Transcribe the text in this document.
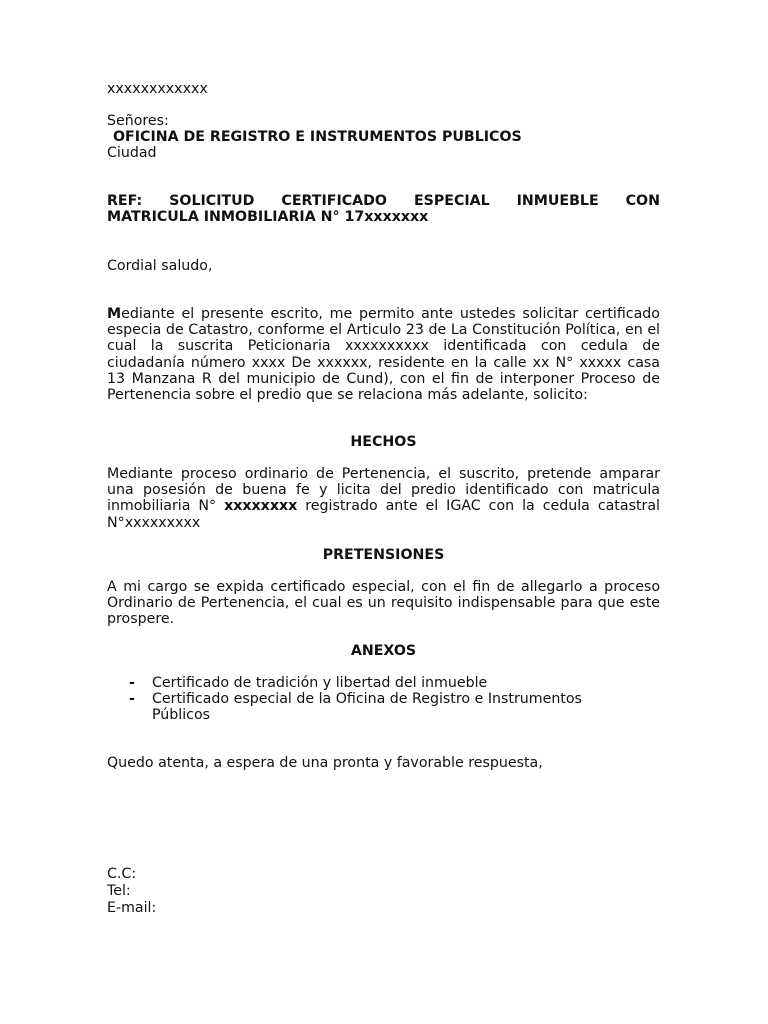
xxxxxxxxxxxx

Señores:

OFICINA DE REGISTRO E INSTRUMENTOS PUBLICOS

Ciudad

REF: SOLICITUD CERTIFICADO ESPECIAL INMUEBLE CON

MATRICULA INMOBILIARIA N° 17xxxxxxx

Cordial saludo,

Mediante el presente escrito, me permito ante ustedes solicitar certificado especia de Catastro, conforme el Articulo 23 de La Constitución Política, en el cual la suscrita Peticionaria xxxxxxxxxx identificada con cedula de ciudadanía número xxxx De xxxxxx, residente en la calle xx N° xxxxx casa 13 Manzana R del municipio de Cund), con el fin de interponer Proceso de Pertenencia sobre el predio que se relaciona más adelante, solicito:

HECHOS

Mediante proceso ordinario de Pertenencia, el suscrito, pretende amparar una posesión de buena fe y licita del predio identificado con matricula inmobiliaria N° xxxxxxxx registrado ante el IGAC con la cedula catastral N°xxxxxxxxx

PRETENSIONES

A mi cargo se expida certificado especial, con el fin de allegarlo a proceso Ordinario de Pertenencia, el cual es un requisito indispensable para que este prospere.

ANEXOS

- Certificado de tradición y libertad del inmueble
- Certificado especial de la Oficina de Registro e Instrumentos Públicos

Quedo atenta, a espera de una pronta y favorable respuesta,

C.C:

Tel:

E-mail:
